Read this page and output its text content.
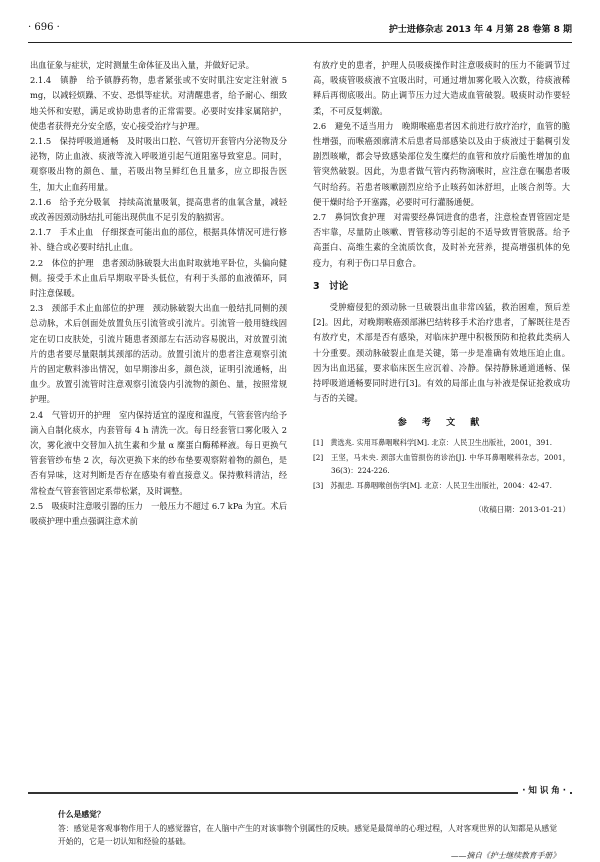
· 696 ·	护士进修杂志 2013 年 4 月第 28 卷第 8 期

出血征象与症状，定时测量生命体征及出入量，并做好记录。

2.1.4　镇静　给予镇静药物，患者紧张或不安时肌注安定注射液 5 mg，以减轻烦躁、不安、恐惧等症状。对清醒患者，给予耐心、细致地关怀和安慰，满足或协助患者的正常需要。必要时安排家属陪护，使患者获得充分安全感，安心接受治疗与护理。

2.1.5　保持呼吸道通畅　及时吸出口腔、气管切开套管内分泌物及分泌物，防止血液、痰液等流入呼吸道引起气道阻塞导致窒息。同时，观察吸出物的颜色、量，若吸出物呈鲜红色且量多，应立即报告医生，加大止血药用量。

2.1.6　给予充分吸氧　持续高流量吸氧，提高患者的血氧含量，减轻或改善因颈动脉结扎可能出现供血不足引发的脑损害。

2.1.7　手术止血　仔细探查可能出血的部位，根据具体情况可进行修补、缝合或必要时结扎止血。

2.2　体位的护理　患者颈动脉破裂大出血时取就地平卧位，头偏向健侧。接受手术止血后早期取平卧头低位，有利于头部的血液循环，同时注意保暖。

2.3　颈部手术止血部位的护理　颈动脉破裂大出血一般结扎同侧的颈总动脉，术后创面处放置负压引流管或引流片。引流管一般用缝线固定在切口皮肤处，引流片随患者颈部左右活动容易脱出，对放置引流片的患者要尽量限制其颈部的活动。放置引流片的患者注意观察引流片的固定敷料渗出情况，如早期渗出多，颜色淡，证明引流通畅，出血少。放置引流管时注意观察引流袋内引流物的颜色、量，按照常规护理。

2.4　气管切开的护理　室内保持适宜的湿度和温度，气管套管内给予滴入自制化痰水，内套管每 4 h 清洗一次。每日经套管口雾化吸入 2 次，雾化液中交替加入抗生素和少量 α 糜蛋白酶稀释液。每日更换气管套管纱布垫 2 次，每次更换下来的纱布垫要观察附着物的颜色，是否有异味，这对判断是否存在感染有着直接意义。保持敷料清洁，经常检查气管套管固定系带松紧，及时调整。

2.5　吸痰时注意吸引器的压力　一般压力不超过 6.7 kPa 为宜。术后吸痰护理中重点强调注意术前

有放疗史的患者，护理人员吸痰操作时注意吸痰时的压力不能调节过高，吸痰管吸痰液不宜吸出时，可通过增加雾化吸入次数，待痰液稀释后再彻底吸出。防止调节压力过大造成血管破裂。吸痰时动作要轻柔，不可反复刺激。

2.6　避免不适当用力　晚期喉癌患者因术前进行放疗治疗，血管的脆性增强，而喉癌颈廓清术后患者局部感染以及由于痰液过于黏稠引发剧烈咳嗽，都会导致感染部位发生糜烂的血管和放疗后脆性增加的血管突然破裂。因此，为患者做气管内药物滴喉时，应注意在嘱患者吸气时给药。若患者咳嗽剧烈应给予止咳药如沐舒坦，止咳合剂等。大便干燥时给予开塞露，必要时可行灌肠通便。

2.7　鼻饲饮食护理　对需要经鼻饲进食的患者，注意检查胃管固定是否牢靠，尽量防止咳嗽、胃管移动等引起的不适导致胃管脱落。给予高蛋白、高维生素的全流质饮食，及时补充营养，提高增强机体的免疫力，有利于伤口早日愈合。

3　讨论

受肿瘤侵犯的颈动脉一旦破裂出血非常凶猛，救治困难，预后差[2]。因此，对晚期喉癌颈部淋巴结转移手术治疗患者，了解既往是否有放疗史，术部是否有感染，对临床护理中积极预防和抢救此类病人十分重要。颈动脉破裂止血是关键，第一步是准确有效地压迫止血。因为出血迅猛，要求临床医生应沉着、冷静。保持静脉通道通畅、保持呼吸道通畅要同时进行[3]。有效的局部止血与补液是保证抢救成功与否的关键。

参 考 文 献
[1]　黄选兆. 实用耳鼻咽喉科学[M]. 北京：人民卫生出版社，2001，391.
[2]　王坚，马未央. 颈部大血管损伤的诊治[J]. 中华耳鼻咽喉科杂志，2001，36(3)：224-226.
[3]　苏振忠. 耳鼻咽喉创伤学[M]. 北京：人民卫生出版社，2004：42-47.
（收稿日期：2013-01-21）
· 知 识 角 ·
什么是感觉？
答：感觉是客观事物作用于人的感觉器官，在人脑中产生的对该事物个别属性的反映。感觉是最简单的心理过程，人对客观世界的认知都是从感觉开始的，它是一切认知和经验的基础。
——摘自《护士继续教育手册》
